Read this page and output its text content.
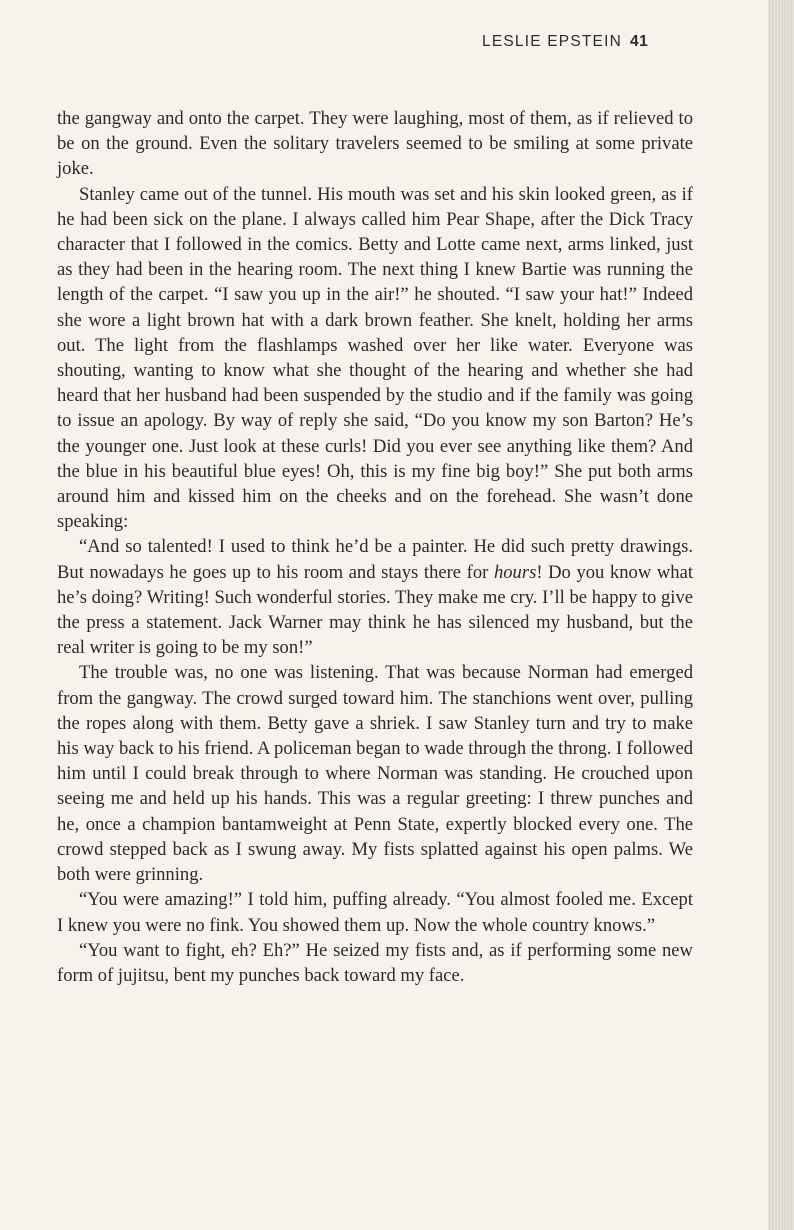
LESLIE EPSTEIN 41

the gangway and onto the carpet. They were laughing, most of them, as if relieved to be on the ground. Even the solitary travelers seemed to be smiling at some private joke.

Stanley came out of the tunnel. His mouth was set and his skin looked green, as if he had been sick on the plane. I always called him Pear Shape, after the Dick Tracy character that I followed in the comics. Betty and Lotte came next, arms linked, just as they had been in the hearing room. The next thing I knew Bartie was running the length of the carpet. “I saw you up in the air!” he shouted. “I saw your hat!” Indeed she wore a light brown hat with a dark brown feather. She knelt, holding her arms out. The light from the flashlamps washed over her like water. Everyone was shouting, wanting to know what she thought of the hearing and whether she had heard that her husband had been suspended by the studio and if the family was going to issue an apology. By way of reply she said, “Do you know my son Barton? He’s the younger one. Just look at these curls! Did you ever see anything like them? And the blue in his beautiful blue eyes! Oh, this is my fine big boy!” She put both arms around him and kissed him on the cheeks and on the forehead. She wasn’t done speaking:

“And so talented! I used to think he’d be a painter. He did such pretty drawings. But nowadays he goes up to his room and stays there for hours! Do you know what he’s doing? Writing! Such wonderful stories. They make me cry. I’ll be happy to give the press a statement. Jack Warner may think he has silenced my husband, but the real writer is going to be my son!”

The trouble was, no one was listening. That was because Norman had emerged from the gangway. The crowd surged toward him. The stanchions went over, pulling the ropes along with them. Betty gave a shriek. I saw Stanley turn and try to make his way back to his friend. A policeman began to wade through the throng. I followed him until I could break through to where Norman was standing. He crouched upon seeing me and held up his hands. This was a regular greeting: I threw punches and he, once a champion bantamweight at Penn State, expertly blocked every one. The crowd stepped back as I swung away. My fists splatted against his open palms. We both were grinning.

“You were amazing!” I told him, puffing already. “You almost fooled me. Except I knew you were no fink. You showed them up. Now the whole country knows.”

“You want to fight, eh? Eh?” He seized my fists and, as if performing some new form of jujitsu, bent my punches back toward my face.
